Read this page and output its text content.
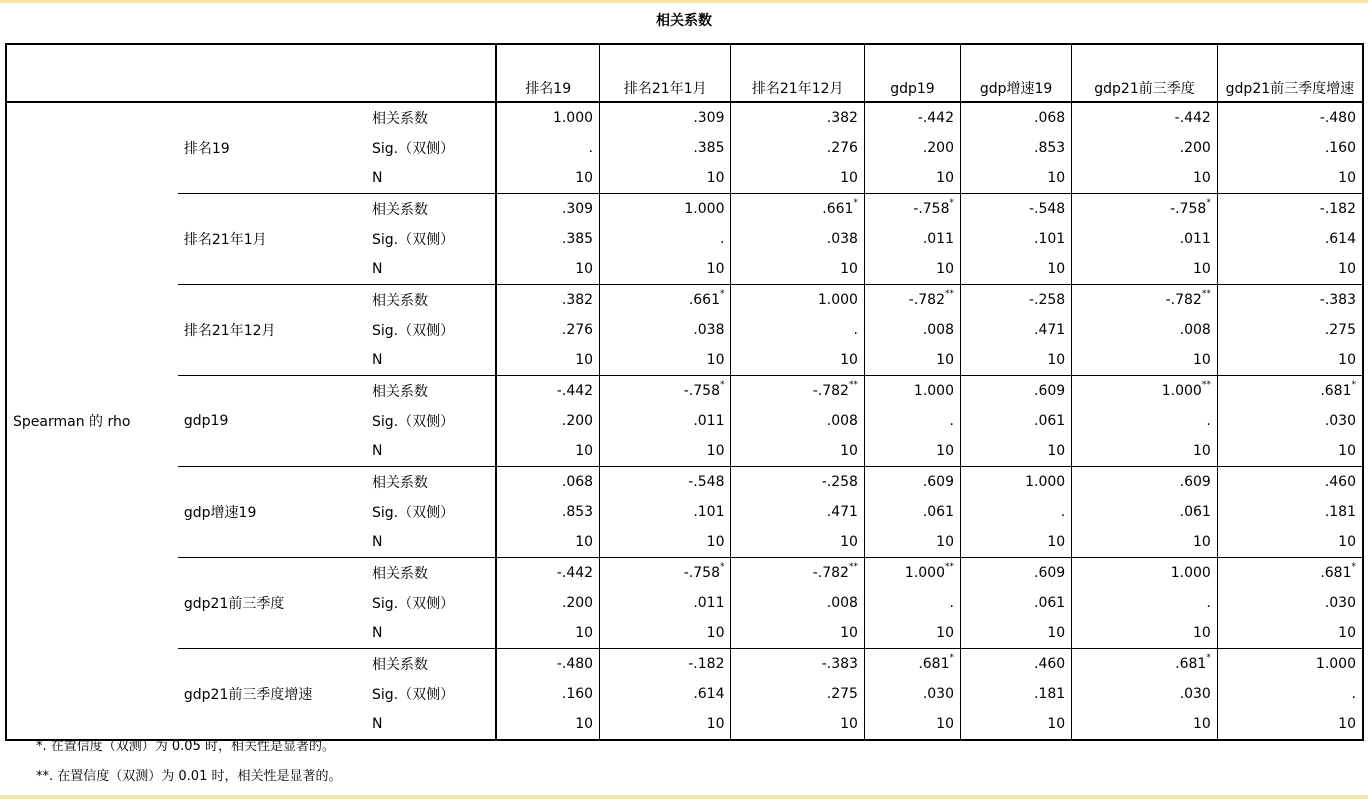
相关系数
			排名19	排名21年1月	排名21年12月	gdp19	gdp增速19	gdp21前三季度	gdp21前三季度增速
Spearman 的 rho	排名19	相关系数	1.000	.309	.382	-.442	.068	-.442	-.480
		Sig.（双侧）	.	.385	.276	.200	.853	.200	.160
		N	10	10	10	10	10	10	10
	排名21年1月	相关系数	.309	1.000	.661*	-.758*	-.548	-.758*	-.182
		Sig.（双侧）	.385	.	.038	.011	.101	.011	.614
		N	10	10	10	10	10	10	10
	排名21年12月	相关系数	.382	.661*	1.000	-.782**	-.258	-.782**	-.383
		Sig.（双侧）	.276	.038	.	.008	.471	.008	.275
		N	10	10	10	10	10	10	10
	gdp19	相关系数	-.442	-.758*	-.782**	1.000	.609	1.000**	.681*
		Sig.（双侧）	.200	.011	.008	.	.061	.	.030
		N	10	10	10	10	10	10	10
	gdp增速19	相关系数	.068	-.548	-.258	.609	1.000	.609	.460
		Sig.（双侧）	.853	.101	.471	.061	.	.061	.181
		N	10	10	10	10	10	10	10
	gdp21前三季度	相关系数	-.442	-.758*	-.782**	1.000**	.609	1.000	.681*
		Sig.（双侧）	.200	.011	.008	.	.061	.	.030
		N	10	10	10	10	10	10	10
	gdp21前三季度增速	相关系数	-.480	-.182	-.383	.681*	.460	.681*	1.000
		Sig.（双侧）	.160	.614	.275	.030	.181	.030	.
		N	10	10	10	10	10	10	10
*. 在置信度（双测）为 0.05 时，相关性是显著的。
**. 在置信度（双测）为 0.01 时，相关性是显著的。
